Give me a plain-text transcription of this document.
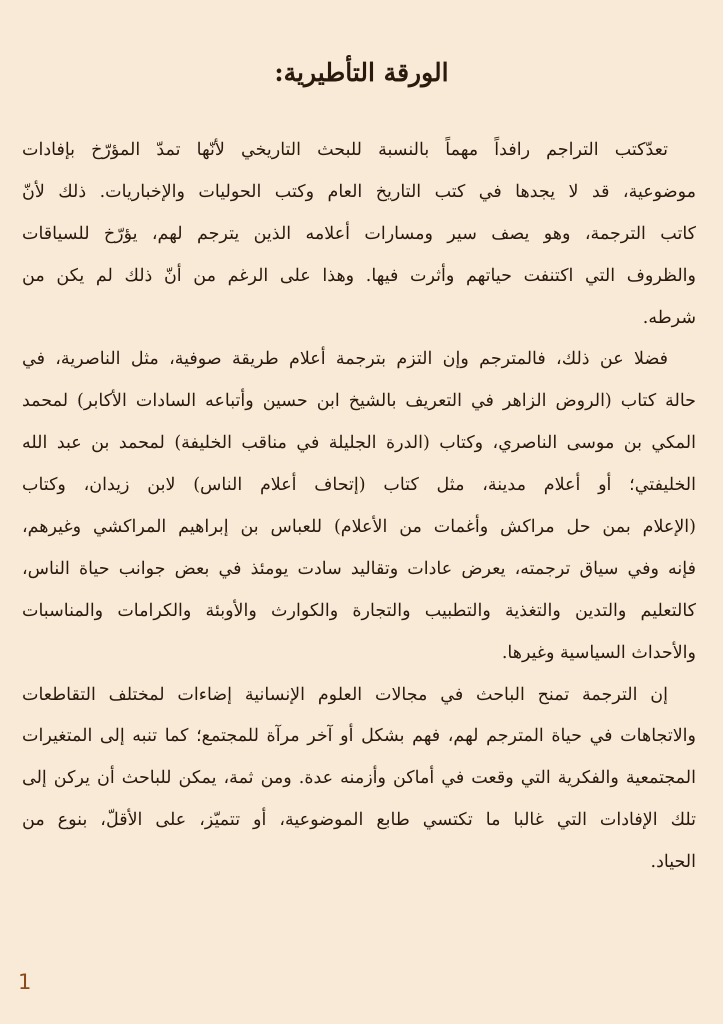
الورقة التأطيرية:
تعدّكتب التراجم رافداً مهماً بالنسبة للبحث التاريخي لأنّها تمدّ المؤرّخ بإفادات
موضوعية، قد لا يجدها في كتب التاريخ العام وكتب الحوليات والإخباريات. ذلك لأنّ
كاتب الترجمة، وهو يصف سير ومسارات أعلامه الذين يترجم لهم، يؤرّخ للسياقات
والظروف التي اكتنفت حياتهم وأثرت فيها. وهذا على الرغم من أنّ ذلك لم يكن من
شرطه.
فضلا عن ذلك، فالمترجم وإن التزم بترجمة أعلام طريقة صوفية، مثل الناصرية، في
حالة كتاب (الروض الزاهر في التعريف بالشيخ ابن حسين وأتباعه السادات الأكابر) لمحمد
المكي بن موسى الناصري، وكتاب (الدرة الجليلة في مناقب الخليفة) لمحمد بن عبد الله
الخليفتي؛ أو أعلام مدينة، مثل كتاب (إتحاف أعلام الناس) لابن زيدان، وكتاب
(الإعلام بمن حل مراكش وأغمات من الأعلام) للعباس بن إبراهيم المراكشي وغيرهم،
فإنه وفي سياق ترجمته، يعرض عادات وتقاليد سادت يومئذ في بعض جوانب حياة الناس،
كالتعليم والتدين والتغذية والتطبيب والتجارة والكوارث والأوبئة والكرامات والمناسبات
والأحداث السياسية وغيرها.
إن الترجمة تمنح الباحث في مجالات العلوم الإنسانية إضاءات لمختلف التقاطعات
والاتجاهات في حياة المترجم لهم، فهم بشكل أو آخر مرآة للمجتمع؛ كما تنبه إلى المتغيرات
المجتمعية والفكرية التي وقعت في أماكن وأزمنه عدة. ومن ثمة، يمكن للباحث أن يركن إلى
تلك الإفادات التي غالبا ما تكتسي طابع الموضوعية، أو تتميّز، على الأقلّ، بنوع من
الحياد.
1
